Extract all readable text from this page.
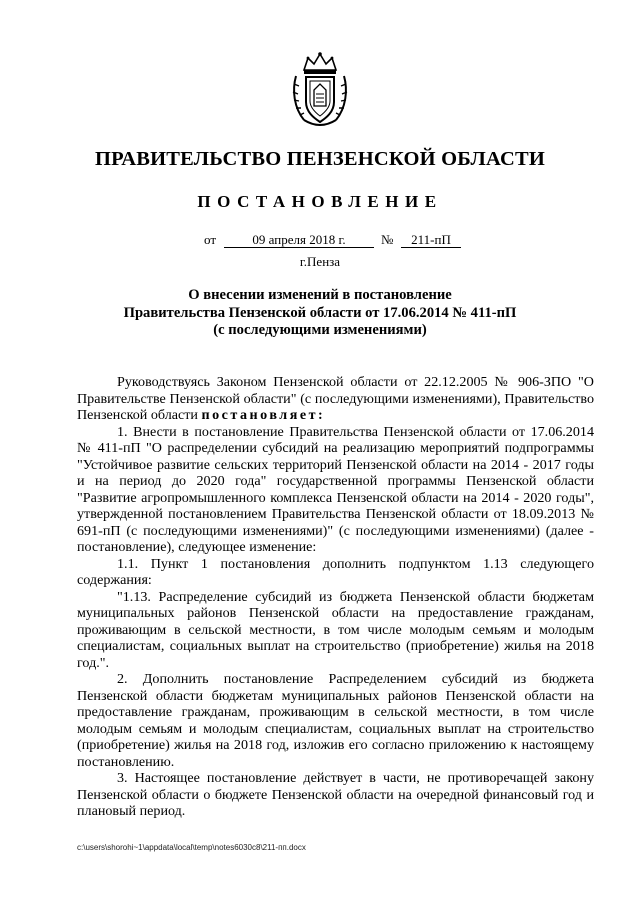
ПРАВИТЕЛЬСТВО ПЕНЗЕНСКОЙ ОБЛАСТИ
ПОСТАНОВЛЕНИЕ
от	09 апреля 2018 г.	№	211-пП
г.Пенза
О внесении изменений в постановление
Правительства Пензенской области от 17.06.2014 № 411-пП
(с последующими изменениями)

Руководствуясь Законом Пензенской области от 22.12.2005 № 906-ЗПО "О Правительстве Пензенской области" (с последующими изменениями), Правительство Пензенской области постановляет:

1. Внести в постановление Правительства Пензенской области от 17.06.2014 № 411-пП "О распределении субсидий на реализацию мероприятий подпрограммы "Устойчивое развитие сельских территорий Пензенской области на 2014 - 2017 годы и на период до 2020 года" государственной программы Пензенской области "Развитие агропромышленного комплекса Пензенской области на 2014 - 2020 годы", утвержденной постановлением Правительства Пензенской области от 18.09.2013 № 691-пП (с последующими изменениями)" (с последующими изменениями) (далее - постановление), следующее изменение:

1.1. Пункт 1 постановления дополнить подпунктом 1.13 следующего содержания:

"1.13. Распределение субсидий из бюджета Пензенской области бюджетам муниципальных районов Пензенской области на предоставление гражданам, проживающим в сельской местности, в том числе молодым семьям и молодым специалистам, социальных выплат на строительство (приобретение) жилья на 2018 год.".

2. Дополнить постановление Распределением субсидий из бюджета Пензенской области бюджетам муниципальных районов Пензенской области на предоставление гражданам, проживающим в сельской местности, в том числе молодым семьям и молодым специалистам, социальных выплат на строительство (приобретение) жилья на 2018 год, изложив его согласно приложению к настоящему постановлению.

3. Настоящее постановление действует в части, не противоречащей закону Пензенской области о бюджете Пензенской области на очередной финансовый год и плановый период.

c:\users\shorohi~1\appdata\local\temp\notes6030c8\211-пп.docx
